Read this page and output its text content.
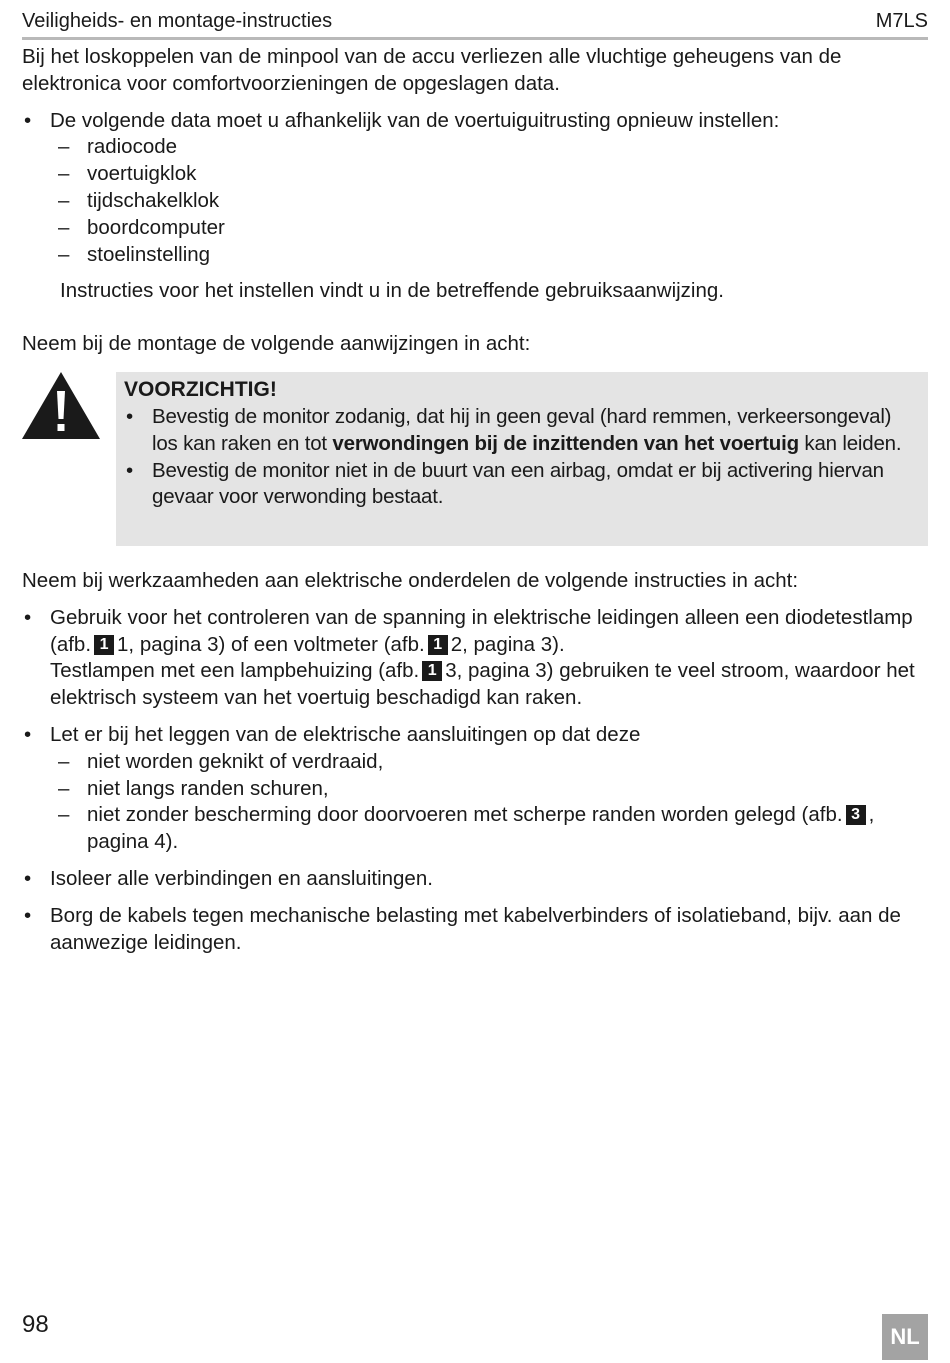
Veiligheids- en montage-instructies	M7LS

Bij het loskoppelen van de minpool van de accu verliezen alle vluchtige geheugens van de elektronica voor comfortvoorzieningen de opgeslagen data.

• De volgende data moet u afhankelijk van de voertuiguitrusting opnieuw instellen:

– radiocode

– voertuigklok

– tijdschakelklok

– boordcomputer

– stoelinstelling

Instructies voor het instellen vindt u in de betreffende gebruiksaanwijzing.

Neem bij de montage de volgende aanwijzingen in acht:

VOORZICHTIG!

• Bevestig de monitor zodanig, dat hij in geen geval (hard remmen, verkeersongeval) los kan raken en tot verwondingen bij de inzittenden van het voertuig kan leiden.

• Bevestig de monitor niet in de buurt van een airbag, omdat er bij activering hiervan gevaar voor verwonding bestaat.

Neem bij werkzaamheden aan elektrische onderdelen de volgende instructies in acht:

• Gebruik voor het controleren van de spanning in elektrische leidingen alleen een diodetestlamp (afb. 1 1, pagina 3) of een voltmeter (afb. 1 2, pagina 3).
Testlampen met een lampbehuizing (afb. 1 3, pagina 3) gebruiken te veel stroom, waardoor het elektrisch systeem van het voertuig beschadigd kan raken.

• Let er bij het leggen van de elektrische aansluitingen op dat deze

– niet worden geknikt of verdraaid,

– niet langs randen schuren,

– niet zonder bescherming door doorvoeren met scherpe randen worden gelegd (afb. 3 , pagina 4).

• Isoleer alle verbindingen en aansluitingen.

• Borg de kabels tegen mechanische belasting met kabelverbinders of isolatieband, bijv. aan de aanwezige leidingen.

98	NL
